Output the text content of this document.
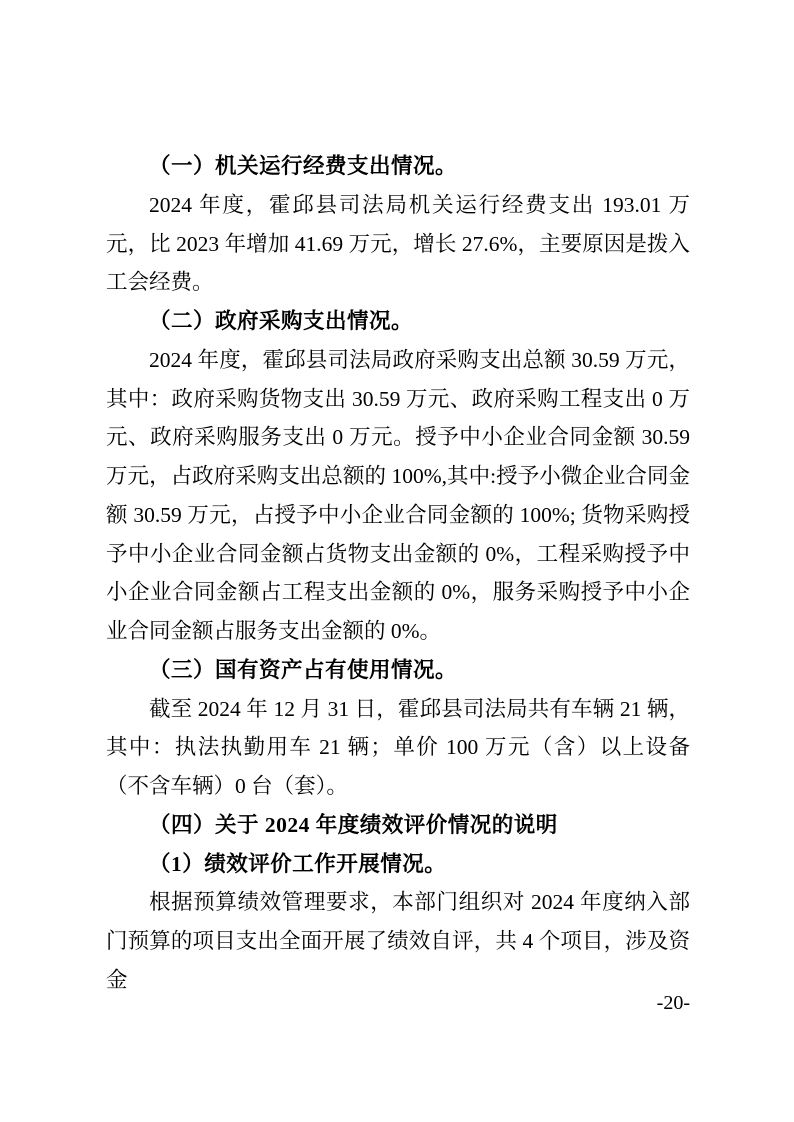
（一）机关运行经费支出情况。

2024 年度，霍邱县司法局机关运行经费支出 193.01 万元，比 2023 年增加 41.69 万元，增长 27.6%，主要原因是拨入工会经费。

（二）政府采购支出情况。

2024 年度，霍邱县司法局政府采购支出总额 30.59 万元，其中：政府采购货物支出 30.59 万元、政府采购工程支出 0 万元、政府采购服务支出 0 万元。授予中小企业合同金额 30.59 万元，占政府采购支出总额的 100%,其中:授予小微企业合同金额 30.59 万元，占授予中小企业合同金额的 100%; 货物采购授予中小企业合同金额占货物支出金额的 0%，工程采购授予中小企业合同金额占工程支出金额的 0%，服务采购授予中小企业合同金额占服务支出金额的 0%。

（三）国有资产占有使用情况。

截至 2024 年 12 月 31 日，霍邱县司法局共有车辆 21 辆，其中：执法执勤用车 21 辆；单价 100 万元（含）以上设备（不含车辆）0 台（套）。

（四）关于 2024 年度绩效评价情况的说明

（1）绩效评价工作开展情况。

根据预算绩效管理要求，本部门组织对 2024 年度纳入部门预算的项目支出全面开展了绩效自评，共 4 个项目，涉及资金

-20-
